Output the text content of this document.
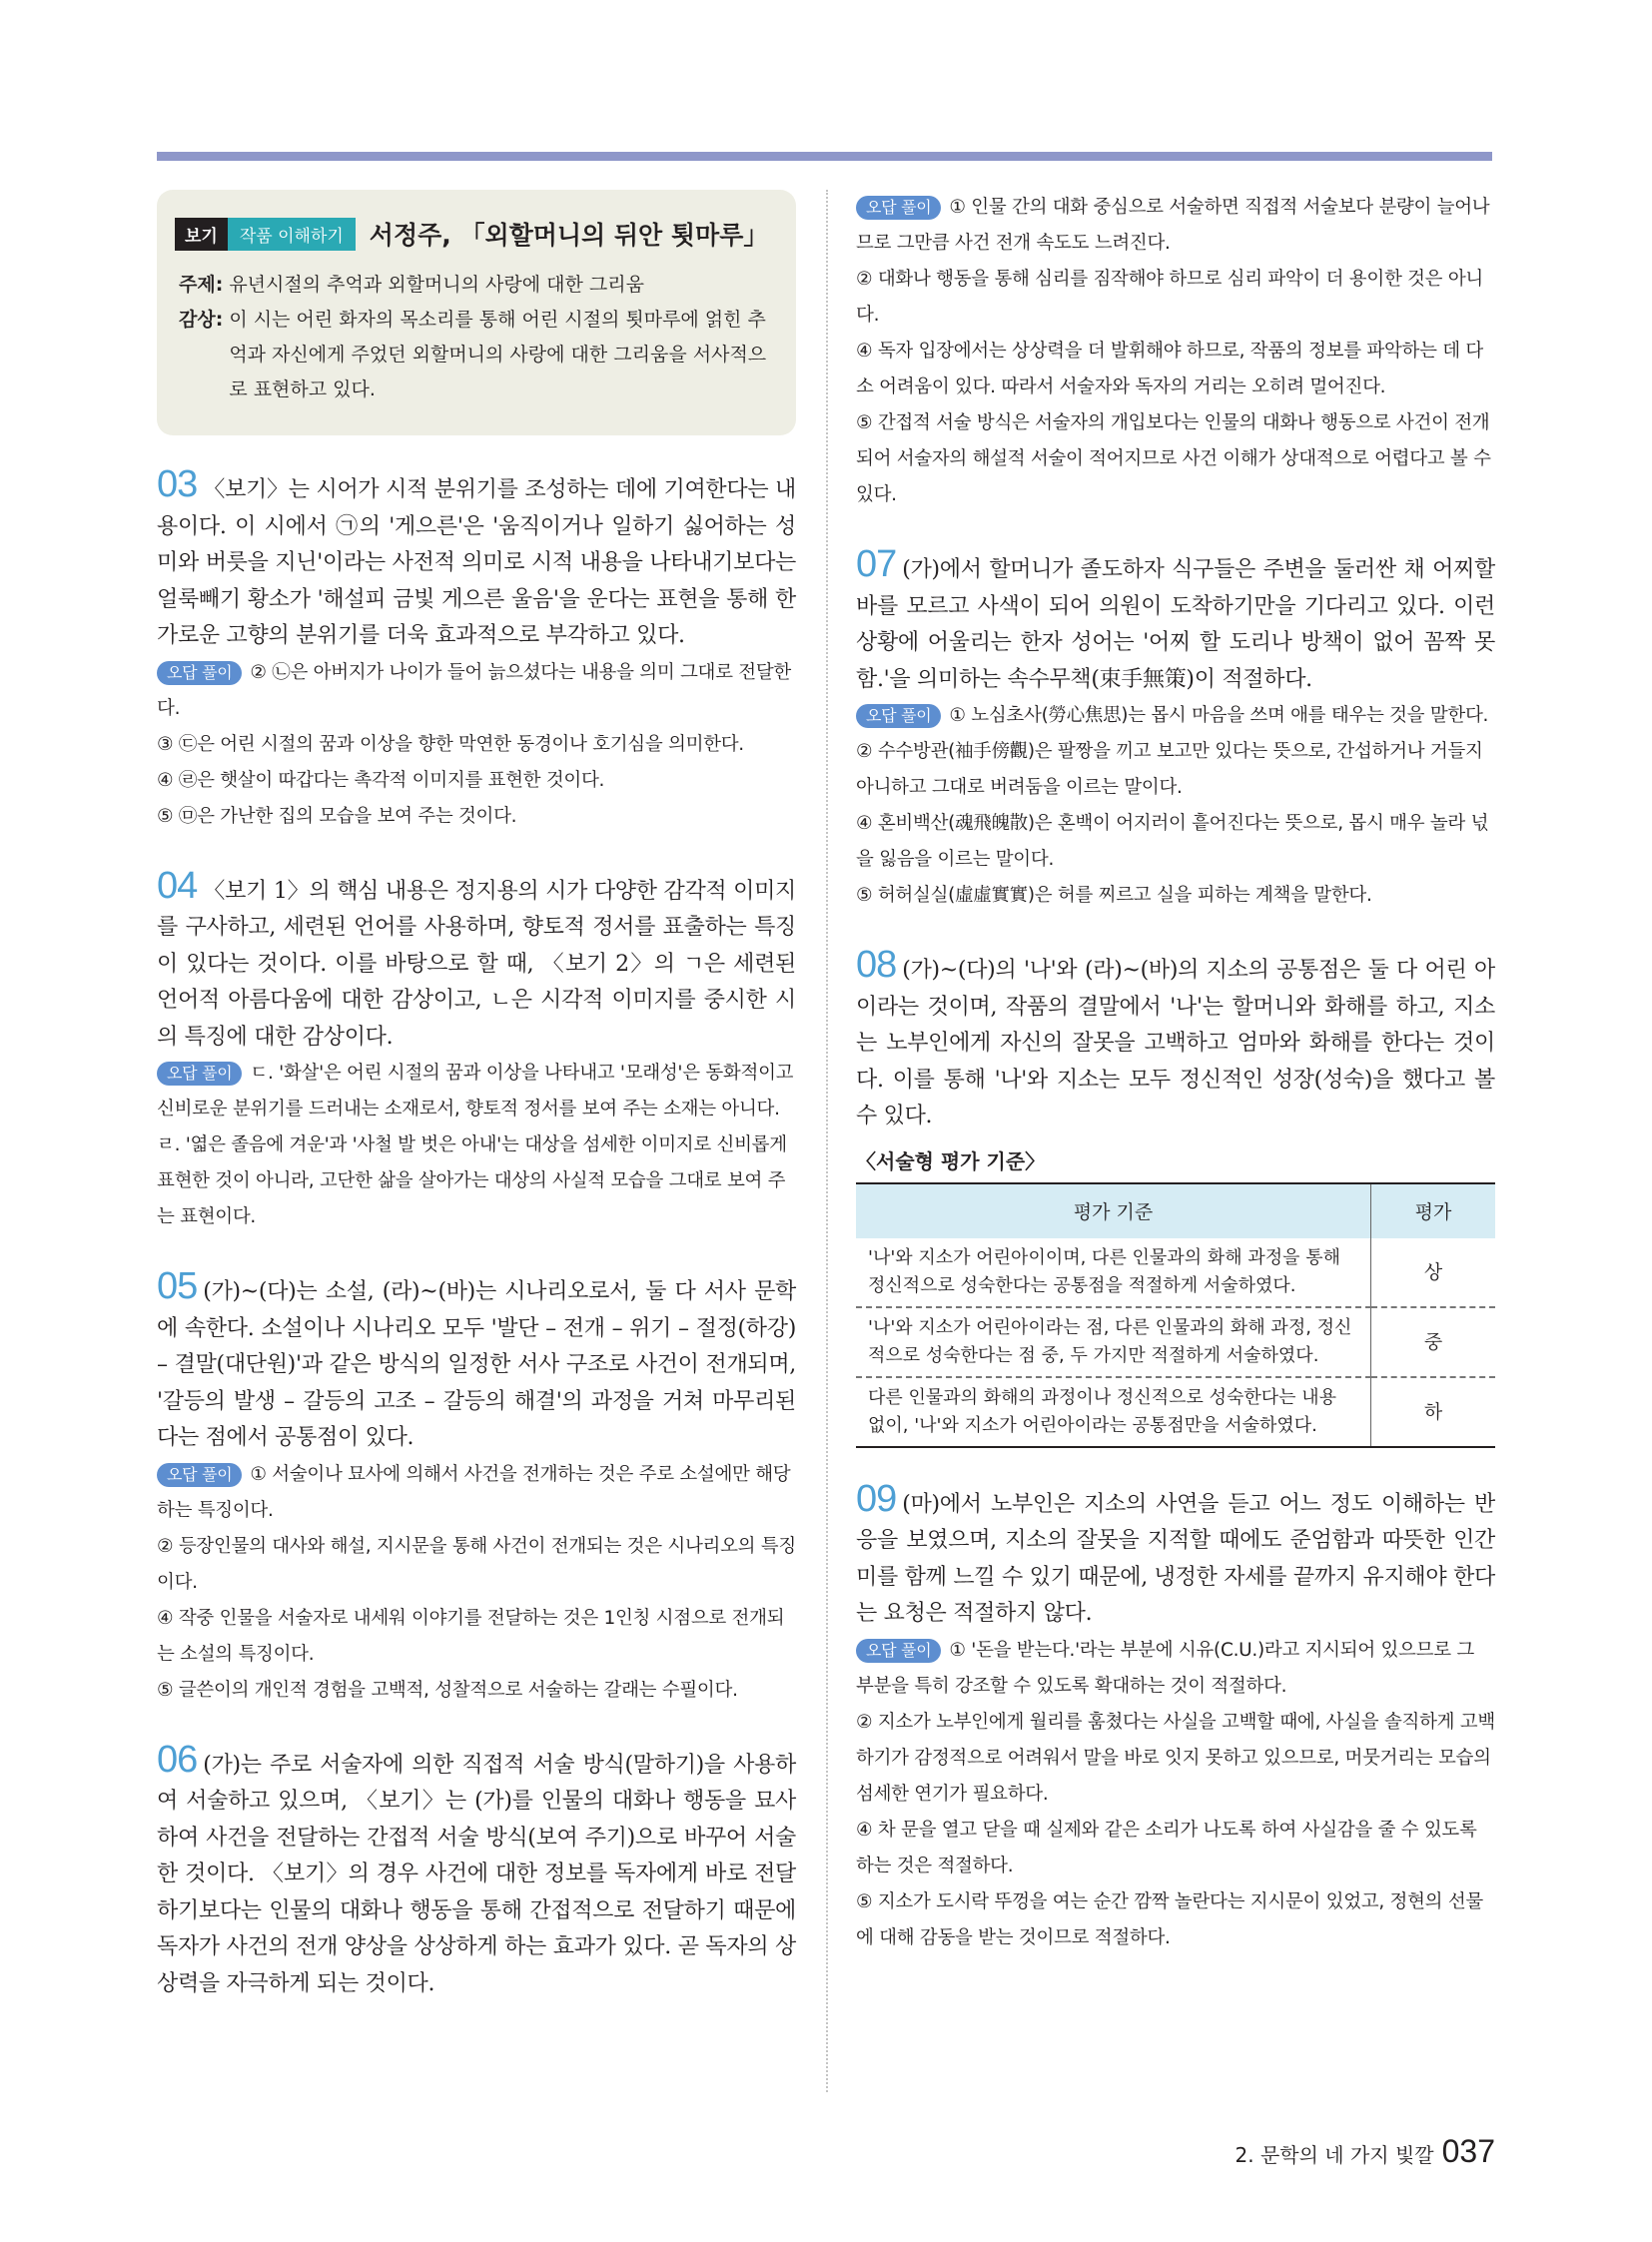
보기	작품 이해하기	서정주, 「외할머니의 뒤안 툇마루」
주제: 유년시절의 추억과 외할머니의 사랑에 대한 그리움
감상: 이 시는 어린 화자의 목소리를 통해 어린 시절의 툇마루에 얽힌 추억과 자신에게 주었던 외할머니의 사랑에 대한 그리움을 서사적으로 표현하고 있다.
03 〈보기〉는 시어가 시적 분위기를 조성하는 데에 기여한다는 내용이다. 이 시에서 ㉠의 '게으른'은 '움직이거나 일하기 싫어하는 성미와 버릇을 지닌'이라는 사전적 의미로 시적 내용을 나타내기보다는 얼룩빼기 황소가 '해설피 금빛 게으른 울음'을 운다는 표현을 통해 한가로운 고향의 분위기를 더욱 효과적으로 부각하고 있다.

오답 풀이 ② ㉡은 아버지가 나이가 들어 늙으셨다는 내용을 의미 그대로 전달한다.

③ ㉢은 어린 시절의 꿈과 이상을 향한 막연한 동경이나 호기심을 의미한다.

④ ㉣은 햇살이 따갑다는 촉각적 이미지를 표현한 것이다.

⑤ ㉤은 가난한 집의 모습을 보여 주는 것이다.

04 〈보기 1〉의 핵심 내용은 정지용의 시가 다양한 감각적 이미지를 구사하고, 세련된 언어를 사용하며, 향토적 정서를 표출하는 특징이 있다는 것이다. 이를 바탕으로 할 때, 〈보기 2〉의 ㄱ은 세련된 언어적 아름다움에 대한 감상이고, ㄴ은 시각적 이미지를 중시한 시의 특징에 대한 감상이다.

오답 풀이 ㄷ. '화살'은 어린 시절의 꿈과 이상을 나타내고 '모래성'은 동화적이고 신비로운 분위기를 드러내는 소재로서, 향토적 정서를 보여 주는 소재는 아니다.

ㄹ. '엷은 졸음에 겨운'과 '사철 발 벗은 아내'는 대상을 섬세한 이미지로 신비롭게 표현한 것이 아니라, 고단한 삶을 살아가는 대상의 사실적 모습을 그대로 보여 주는 표현이다.

05 (가)~(다)는 소설, (라)~(바)는 시나리오로서, 둘 다 서사 문학에 속한다. 소설이나 시나리오 모두 '발단 – 전개 – 위기 – 절정(하강) – 결말(대단원)'과 같은 방식의 일정한 서사 구조로 사건이 전개되며, '갈등의 발생 – 갈등의 고조 – 갈등의 해결'의 과정을 거쳐 마무리된다는 점에서 공통점이 있다.

오답 풀이 ① 서술이나 묘사에 의해서 사건을 전개하는 것은 주로 소설에만 해당하는 특징이다.

② 등장인물의 대사와 해설, 지시문을 통해 사건이 전개되는 것은 시나리오의 특징이다.

④ 작중 인물을 서술자로 내세워 이야기를 전달하는 것은 1인칭 시점으로 전개되는 소설의 특징이다.

⑤ 글쓴이의 개인적 경험을 고백적, 성찰적으로 서술하는 갈래는 수필이다.

06 (가)는 주로 서술자에 의한 직접적 서술 방식(말하기)을 사용하여 서술하고 있으며, 〈보기〉는 (가)를 인물의 대화나 행동을 묘사하여 사건을 전달하는 간접적 서술 방식(보여 주기)으로 바꾸어 서술한 것이다. 〈보기〉의 경우 사건에 대한 정보를 독자에게 바로 전달하기보다는 인물의 대화나 행동을 통해 간접적으로 전달하기 때문에 독자가 사건의 전개 양상을 상상하게 하는 효과가 있다. 곧 독자의 상상력을 자극하게 되는 것이다.

오답 풀이 ① 인물 간의 대화 중심으로 서술하면 직접적 서술보다 분량이 늘어나므로 그만큼 사건 전개 속도도 느려진다.

② 대화나 행동을 통해 심리를 짐작해야 하므로 심리 파악이 더 용이한 것은 아니다.

④ 독자 입장에서는 상상력을 더 발휘해야 하므로, 작품의 정보를 파악하는 데 다소 어려움이 있다. 따라서 서술자와 독자의 거리는 오히려 멀어진다.

⑤ 간접적 서술 방식은 서술자의 개입보다는 인물의 대화나 행동으로 사건이 전개되어 서술자의 해설적 서술이 적어지므로 사건 이해가 상대적으로 어렵다고 볼 수 있다.

07 (가)에서 할머니가 졸도하자 식구들은 주변을 둘러싼 채 어찌할 바를 모르고 사색이 되어 의원이 도착하기만을 기다리고 있다. 이런 상황에 어울리는 한자 성어는 '어찌 할 도리나 방책이 없어 꼼짝 못함.'을 의미하는 속수무책(束手無策)이 적절하다.

오답 풀이 ① 노심초사(勞心焦思)는 몹시 마음을 쓰며 애를 태우는 것을 말한다.

② 수수방관(袖手傍觀)은 팔짱을 끼고 보고만 있다는 뜻으로, 간섭하거나 거들지 아니하고 그대로 버려둠을 이르는 말이다.

④ 혼비백산(魂飛魄散)은 혼백이 어지러이 흩어진다는 뜻으로, 몹시 매우 놀라 넋을 잃음을 이르는 말이다.

⑤ 허허실실(虛虛實實)은 허를 찌르고 실을 피하는 계책을 말한다.

08 (가)~(다)의 '나'와 (라)~(바)의 지소의 공통점은 둘 다 어린 아이라는 것이며, 작품의 결말에서 '나'는 할머니와 화해를 하고, 지소는 노부인에게 자신의 잘못을 고백하고 엄마와 화해를 한다는 것이다. 이를 통해 '나'와 지소는 모두 정신적인 성장(성숙)을 했다고 볼 수 있다.
〈서술형 평가 기준〉
평가 기준	평가
'나'와 지소가 어린아이이며, 다른 인물과의 화해 과정을 통해 정신적으로 성숙한다는 공통점을 적절하게 서술하였다.	상
'나'와 지소가 어린아이라는 점, 다른 인물과의 화해 과정, 정신적으로 성숙한다는 점 중, 두 가지만 적절하게 서술하였다.	중
다른 인물과의 화해의 과정이나 정신적으로 성숙한다는 내용 없이, '나'와 지소가 어린아이라는 공통점만을 서술하였다.	하
09 (마)에서 노부인은 지소의 사연을 듣고 어느 정도 이해하는 반응을 보였으며, 지소의 잘못을 지적할 때에도 준엄함과 따뜻한 인간미를 함께 느낄 수 있기 때문에, 냉정한 자세를 끝까지 유지해야 한다는 요청은 적절하지 않다.

오답 풀이 ① '돈을 받는다.'라는 부분에 시유(C.U.)라고 지시되어 있으므로 그 부분을 특히 강조할 수 있도록 확대하는 것이 적절하다.

② 지소가 노부인에게 월리를 훔쳤다는 사실을 고백할 때에, 사실을 솔직하게 고백하기가 감정적으로 어려워서 말을 바로 잇지 못하고 있으므로, 머뭇거리는 모습의 섬세한 연기가 필요하다.

④ 차 문을 열고 닫을 때 실제와 같은 소리가 나도록 하여 사실감을 줄 수 있도록 하는 것은 적절하다.

⑤ 지소가 도시락 뚜껑을 여는 순간 깜짝 놀란다는 지시문이 있었고, 정현의 선물에 대해 감동을 받는 것이므로 적절하다.

2. 문학의 네 가지 빛깔 037
